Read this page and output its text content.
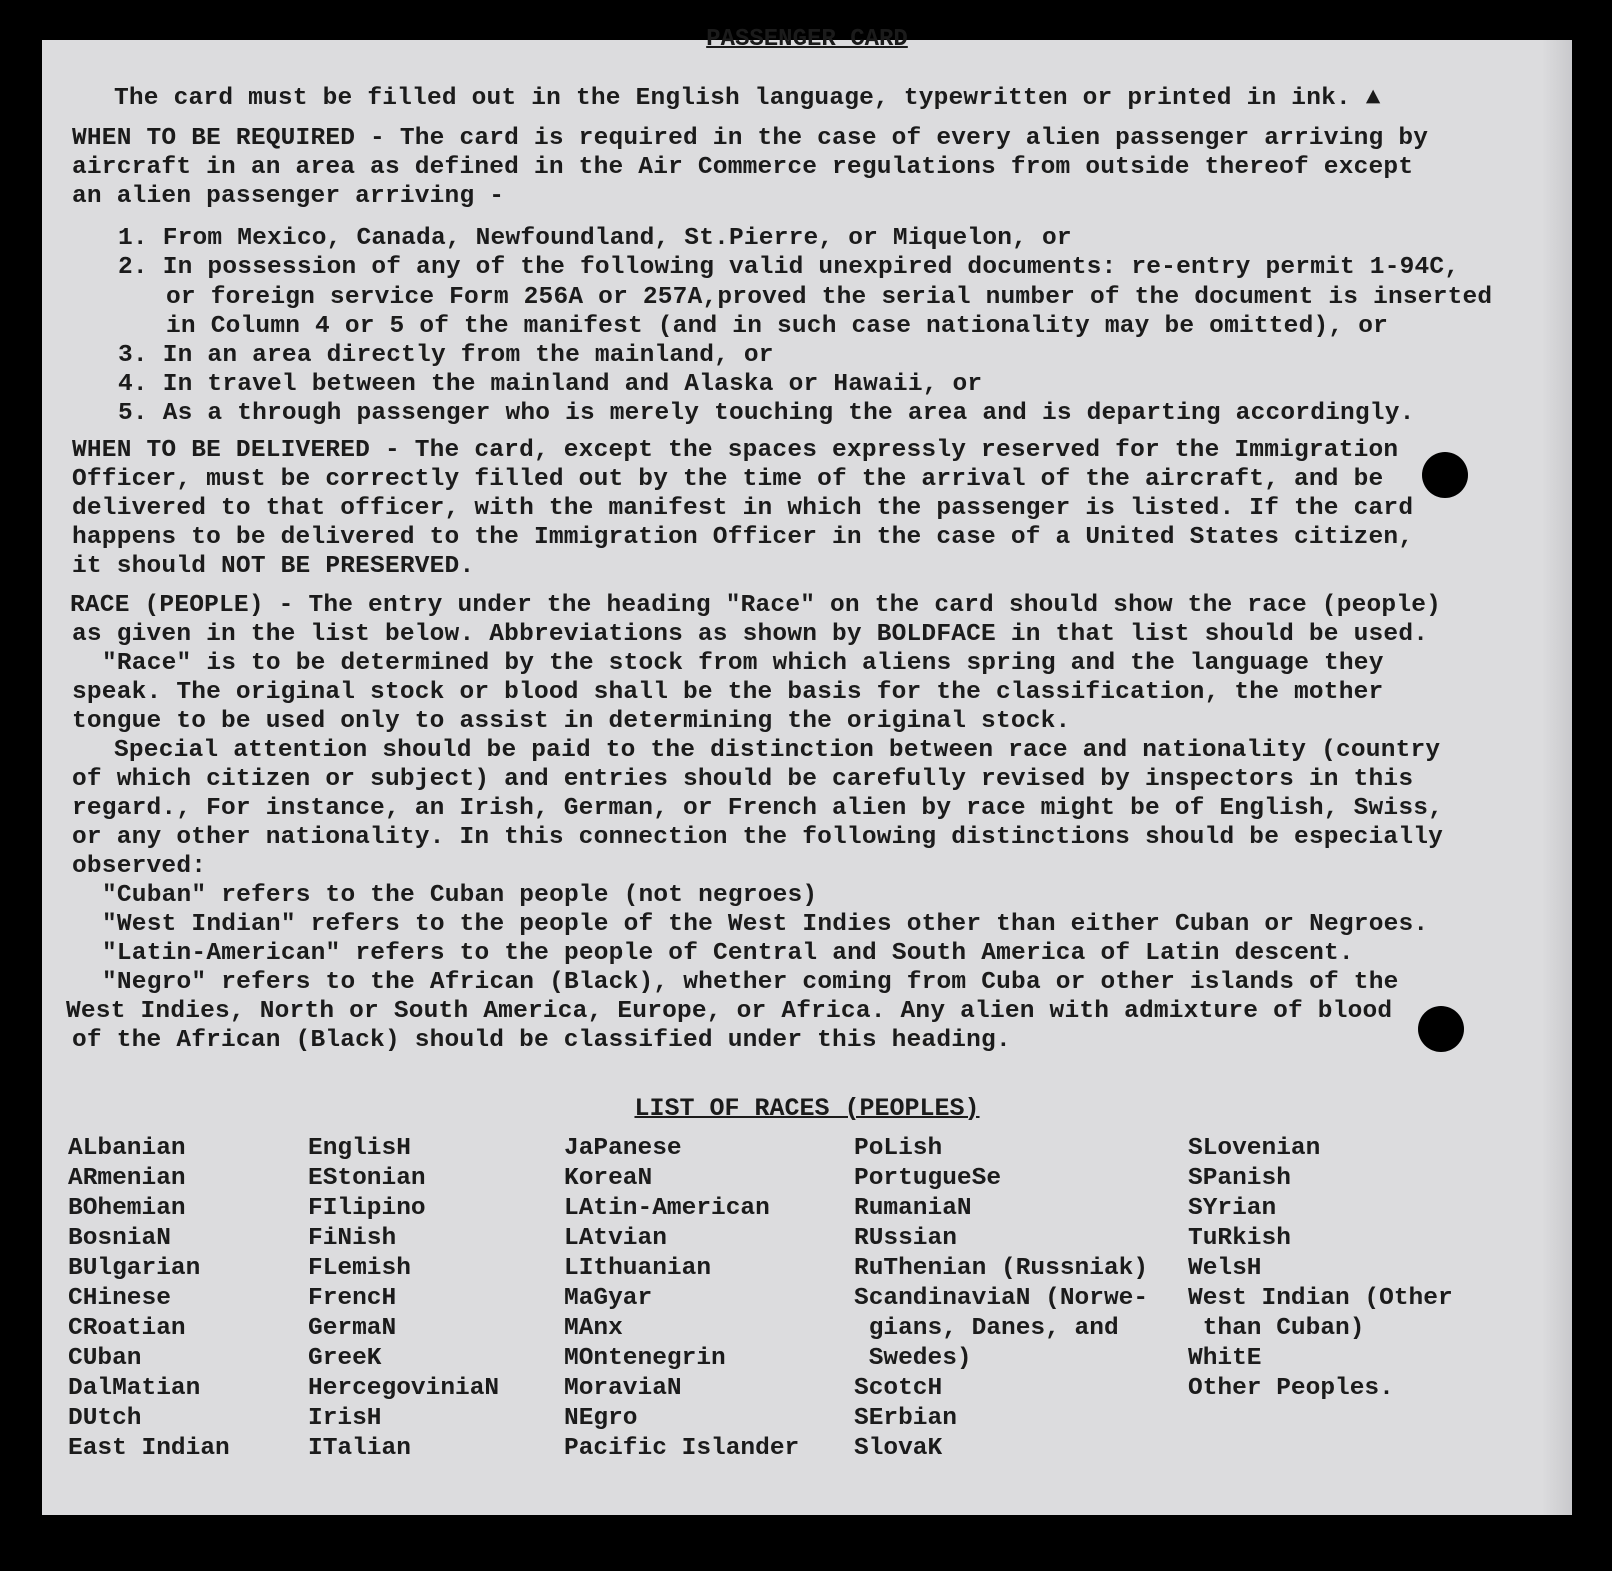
PASSENGER CARD

The card must be filled out in the English language, typewritten or printed in ink. ▲

WHEN TO BE REQUIRED - The card is required in the case of every alien passenger arriving by

aircraft in an area as defined in the Air Commerce regulations from outside thereof except

an alien passenger arriving -

1. From Mexico, Canada, Newfoundland, St.Pierre, or Miquelon, or

2. In possession of any of the following valid unexpired documents: re-entry permit 1-94C,

or foreign service Form 256A or 257A,proved the serial number of the document is inserted

in Column 4 or 5 of the manifest (and in such case nationality may be omitted), or

3. In an area directly from the mainland, or

4. In travel between the mainland and Alaska or Hawaii, or

5. As a through passenger who is merely touching the area and is departing accordingly.

WHEN TO BE DELIVERED - The card, except the spaces expressly reserved for the Immigration

Officer, must be correctly filled out by the time of the arrival of the aircraft, and be

delivered to that officer, with the manifest in which the passenger is listed. If the card

happens to be delivered to the Immigration Officer in the case of a United States citizen,

it should NOT BE PRESERVED.

RACE (PEOPLE) - The entry under the heading "Race" on the card should show the race (people)

as given in the list below. Abbreviations as shown by BOLDFACE in that list should be used.

"Race" is to be determined by the stock from which aliens spring and the language they

speak. The original stock or blood shall be the basis for the classification, the mother

tongue to be used only to assist in determining the original stock.

Special attention should be paid to the distinction between race and nationality (country

of which citizen or subject) and entries should be carefully revised by inspectors in this

regard., For instance, an Irish, German, or French alien by race might be of English, Swiss,

or any other nationality. In this connection the following distinctions should be especially

observed:

"Cuban" refers to the Cuban people (not negroes)

"West Indian" refers to the people of the West Indies other than either Cuban or Negroes.

"Latin-American" refers to the people of Central and South America of Latin descent.

"Negro" refers to the African (Black), whether coming from Cuba or other islands of the

West Indies, North or South America, Europe, or Africa. Any alien with admixture of blood

of the African (Black) should be classified under this heading.

LIST OF RACES (PEOPLES)

ALbanian
ARmenian
BOhemian
BosniaN
BUlgarian
CHinese
CRoatian
CUban
DalMatian
DUtch
East Indian
EnglisH
EStonian
FIlipino
FiNish
FLemish
FrencH
GermaN
GreeK
HercegoviniaN
IrisH
ITalian
JaPanese
KoreaN
LAtin-American
LAtvian
LIthuanian
MaGyar
MAnx
MOntenegrin
MoraviaN
NEgro
Pacific Islander
PoLish
PortugueSe
RumaniaN
RUssian
RuThenian (Russniak)
ScandinaviaN (Norwe-
gians, Danes, and
Swedes)
ScotcH
SErbian
SlovaK
SLovenian
SPanish
SYrian
TuRkish
WelsH
West Indian (Other
than Cuban)
WhitE
Other Peoples.
